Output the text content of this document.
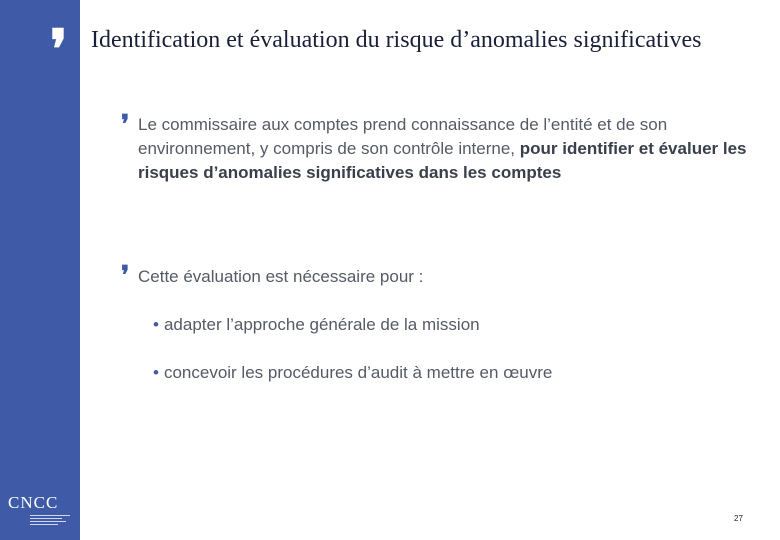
CNCC
❜ Identification et évaluation du risque d’anomalies significatives
❜ Le commissaire aux comptes prend connaissance de l’entité et de son environnement, y compris de son contrôle interne, pour identifier et évaluer les risques d’anomalies significatives dans les comptes
❜ Cette évaluation est nécessaire pour :
• adapter l’approche générale de la mission
• concevoir les procédures d’audit à mettre en œuvre
27
